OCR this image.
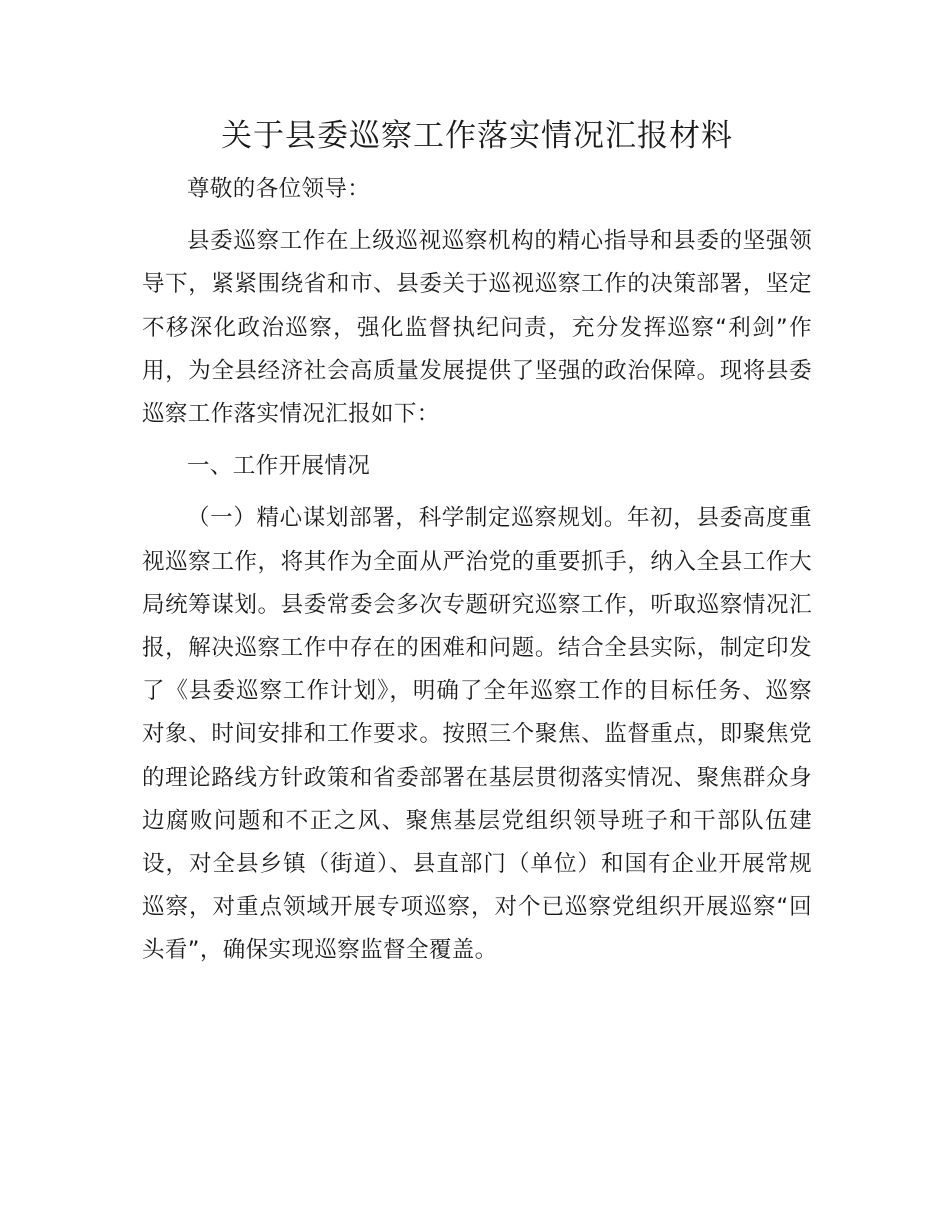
关于县委巡察工作落实情况汇报材料

尊敬的各位领导：

县委巡察工作在上级巡视巡察机构的精心指导和县委的坚强领导下，紧紧围绕省和市、县委关于巡视巡察工作的决策部署，坚定不移深化政治巡察，强化监督执纪问责，充分发挥巡察“利剑”作用，为全县经济社会高质量发展提供了坚强的政治保障。现将县委巡察工作落实情况汇报如下：

一、工作开展情况

（一）精心谋划部署，科学制定巡察规划。年初，县委高度重视巡察工作，将其作为全面从严治党的重要抓手，纳入全县工作大局统筹谋划。县委常委会多次专题研究巡察工作，听取巡察情况汇报，解决巡察工作中存在的困难和问题。结合全县实际，制定印发了《县委巡察工作计划》，明确了全年巡察工作的目标任务、巡察对象、时间安排和工作要求。按照三个聚焦、监督重点，即聚焦党的理论路线方针政策和省委部署在基层贯彻落实情况、聚焦群众身边腐败问题和不正之风、聚焦基层党组织领导班子和干部队伍建设，对全县乡镇（街道）、县直部门（单位）和国有企业开展常规巡察，对重点领域开展专项巡察，对个已巡察党组织开展巡察“回头看”，确保实现巡察监督全覆盖。
